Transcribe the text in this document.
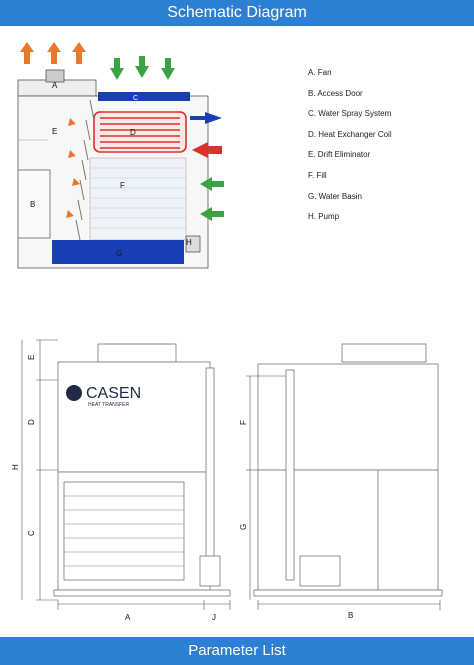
Schematic Diagram
A
B
C
D
E
F
G
H
CASEN
HEAT TRANSFER
E
D
H
C
A	J
F
G
B
A. Fan
B. Access Door
C. Water Spray System
D. Heat Exchanger Coil
E. Drift Eliminator
F. Fill
G. Water Basin
H. Pump
Parameter List
